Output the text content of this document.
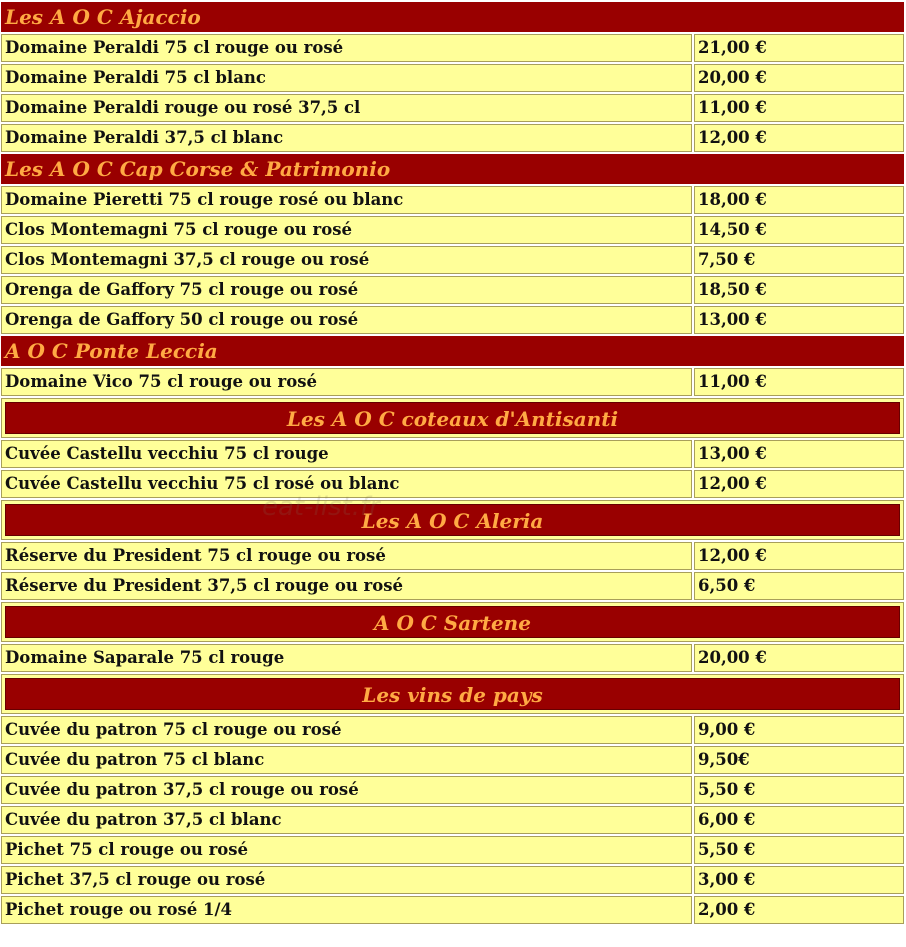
Les A O C Ajaccio
Domaine Peraldi 75 cl rouge ou rosé	21,00 €
Domaine Peraldi 75 cl blanc	20,00 €
Domaine Peraldi rouge ou rosé 37,5 cl	11,00 €
Domaine Peraldi 37,5 cl blanc	12,00 €
Les A O C Cap Corse & Patrimonio
Domaine Pieretti 75 cl rouge rosé ou blanc	18,00 €
Clos Montemagni 75 cl rouge ou rosé	14,50 €
Clos Montemagni 37,5 cl rouge ou rosé	7,50 €
Orenga de Gaffory 75 cl rouge ou rosé	18,50 €
Orenga de Gaffory 50 cl rouge ou rosé	13,00 €
A O C Ponte Leccia
Domaine Vico 75 cl rouge ou rosé	11,00 €
Les A O C coteaux d'Antisanti
Cuvée Castellu vecchiu 75 cl rouge	13,00 €
Cuvée Castellu vecchiu 75 cl rosé ou blanc	12,00 €
Les A O C Aleria
Réserve du President 75 cl rouge ou rosé	12,00 €
Réserve du President 37,5 cl rouge ou rosé	6,50 €
A O C Sartene
Domaine Saparale 75 cl rouge	20,00 €
Les vins de pays
Cuvée du patron 75 cl rouge ou rosé	9,00 €
Cuvée du patron 75 cl blanc	9,50€
Cuvée du patron 37,5 cl rouge ou rosé	5,50 €
Cuvée du patron 37,5 cl blanc	6,00 €
Pichet 75 cl rouge ou rosé	5,50 €
Pichet 37,5 cl rouge ou rosé	3,00 €
Pichet rouge ou rosé 1/4	2,00 €
